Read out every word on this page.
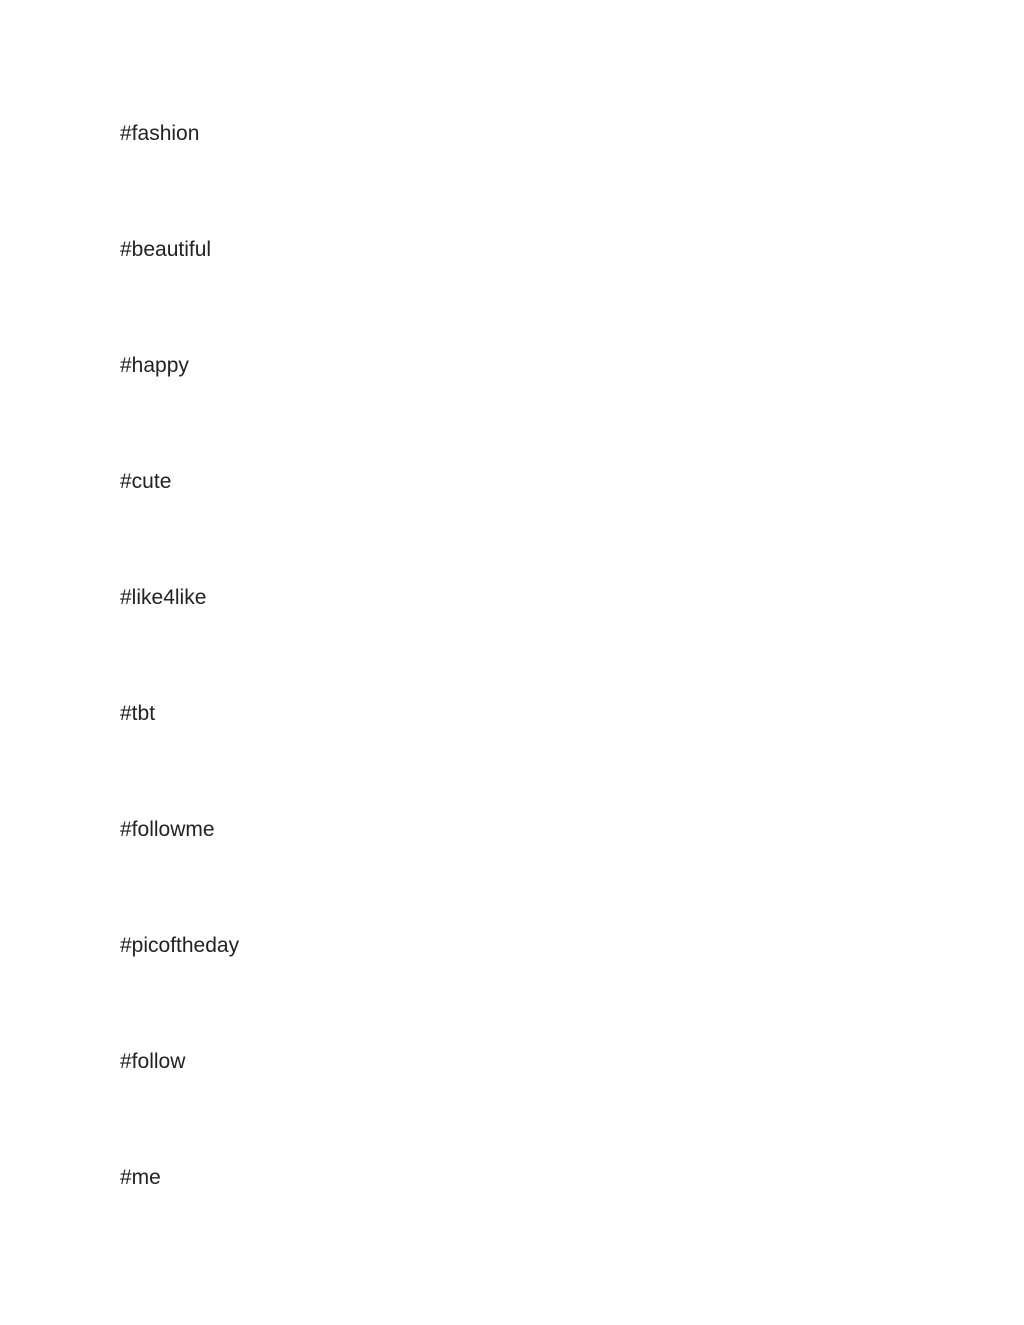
#fashion
#beautiful
#happy
#cute
#like4like
#tbt
#followme
#picoftheday
#follow
#me
